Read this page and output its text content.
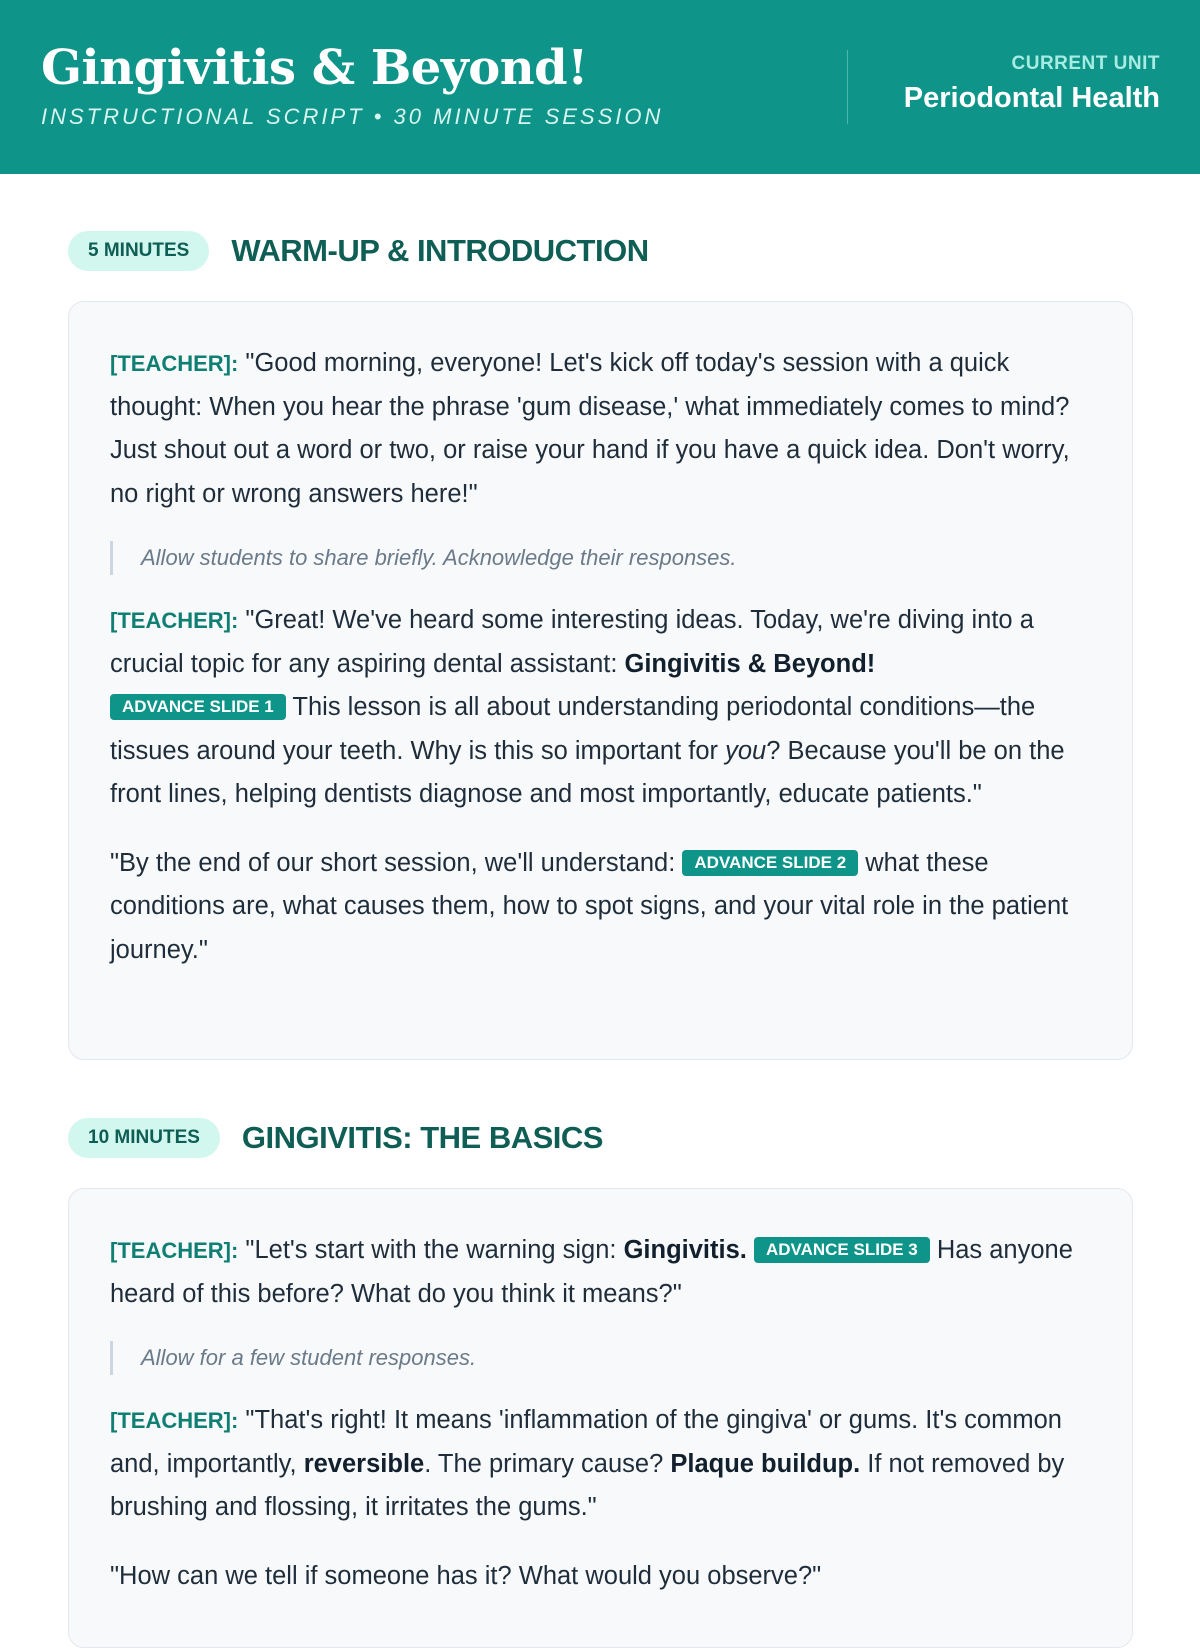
Gingivitis & Beyond!
INSTRUCTIONAL SCRIPT • 30 MINUTE SESSION
CURRENT UNIT
Periodontal Health
5 MINUTES	WARM-UP & INTRODUCTION

[TEACHER]: "Good morning, everyone! Let's kick off today's session with a quick thought: When you hear the phrase 'gum disease,' what immediately comes to mind? Just shout out a word or two, or raise your hand if you have a quick idea. Don't worry, no right or wrong answers here!"

Allow students to share briefly. Acknowledge their responses.

[TEACHER]: "Great! We've heard some interesting ideas. Today, we're diving into a crucial topic for any aspiring dental assistant: Gingivitis & Beyond!
ADVANCE SLIDE 1 This lesson is all about understanding periodontal conditions—the tissues around your teeth. Why is this so important for you? Because you'll be on the front lines, helping dentists diagnose and most importantly, educate patients."

"By the end of our short session, we'll understand: ADVANCE SLIDE 2 what these conditions are, what causes them, how to spot signs, and your vital role in the patient journey."

10 MINUTES	GINGIVITIS: THE BASICS

[TEACHER]: "Let's start with the warning sign: Gingivitis. ADVANCE SLIDE 3 Has anyone heard of this before? What do you think it means?"

Allow for a few student responses.

[TEACHER]: "That's right! It means 'inflammation of the gingiva' or gums. It's common and, importantly, reversible. The primary cause? Plaque buildup. If not removed by brushing and flossing, it irritates the gums."

"How can we tell if someone has it? What would you observe?"
